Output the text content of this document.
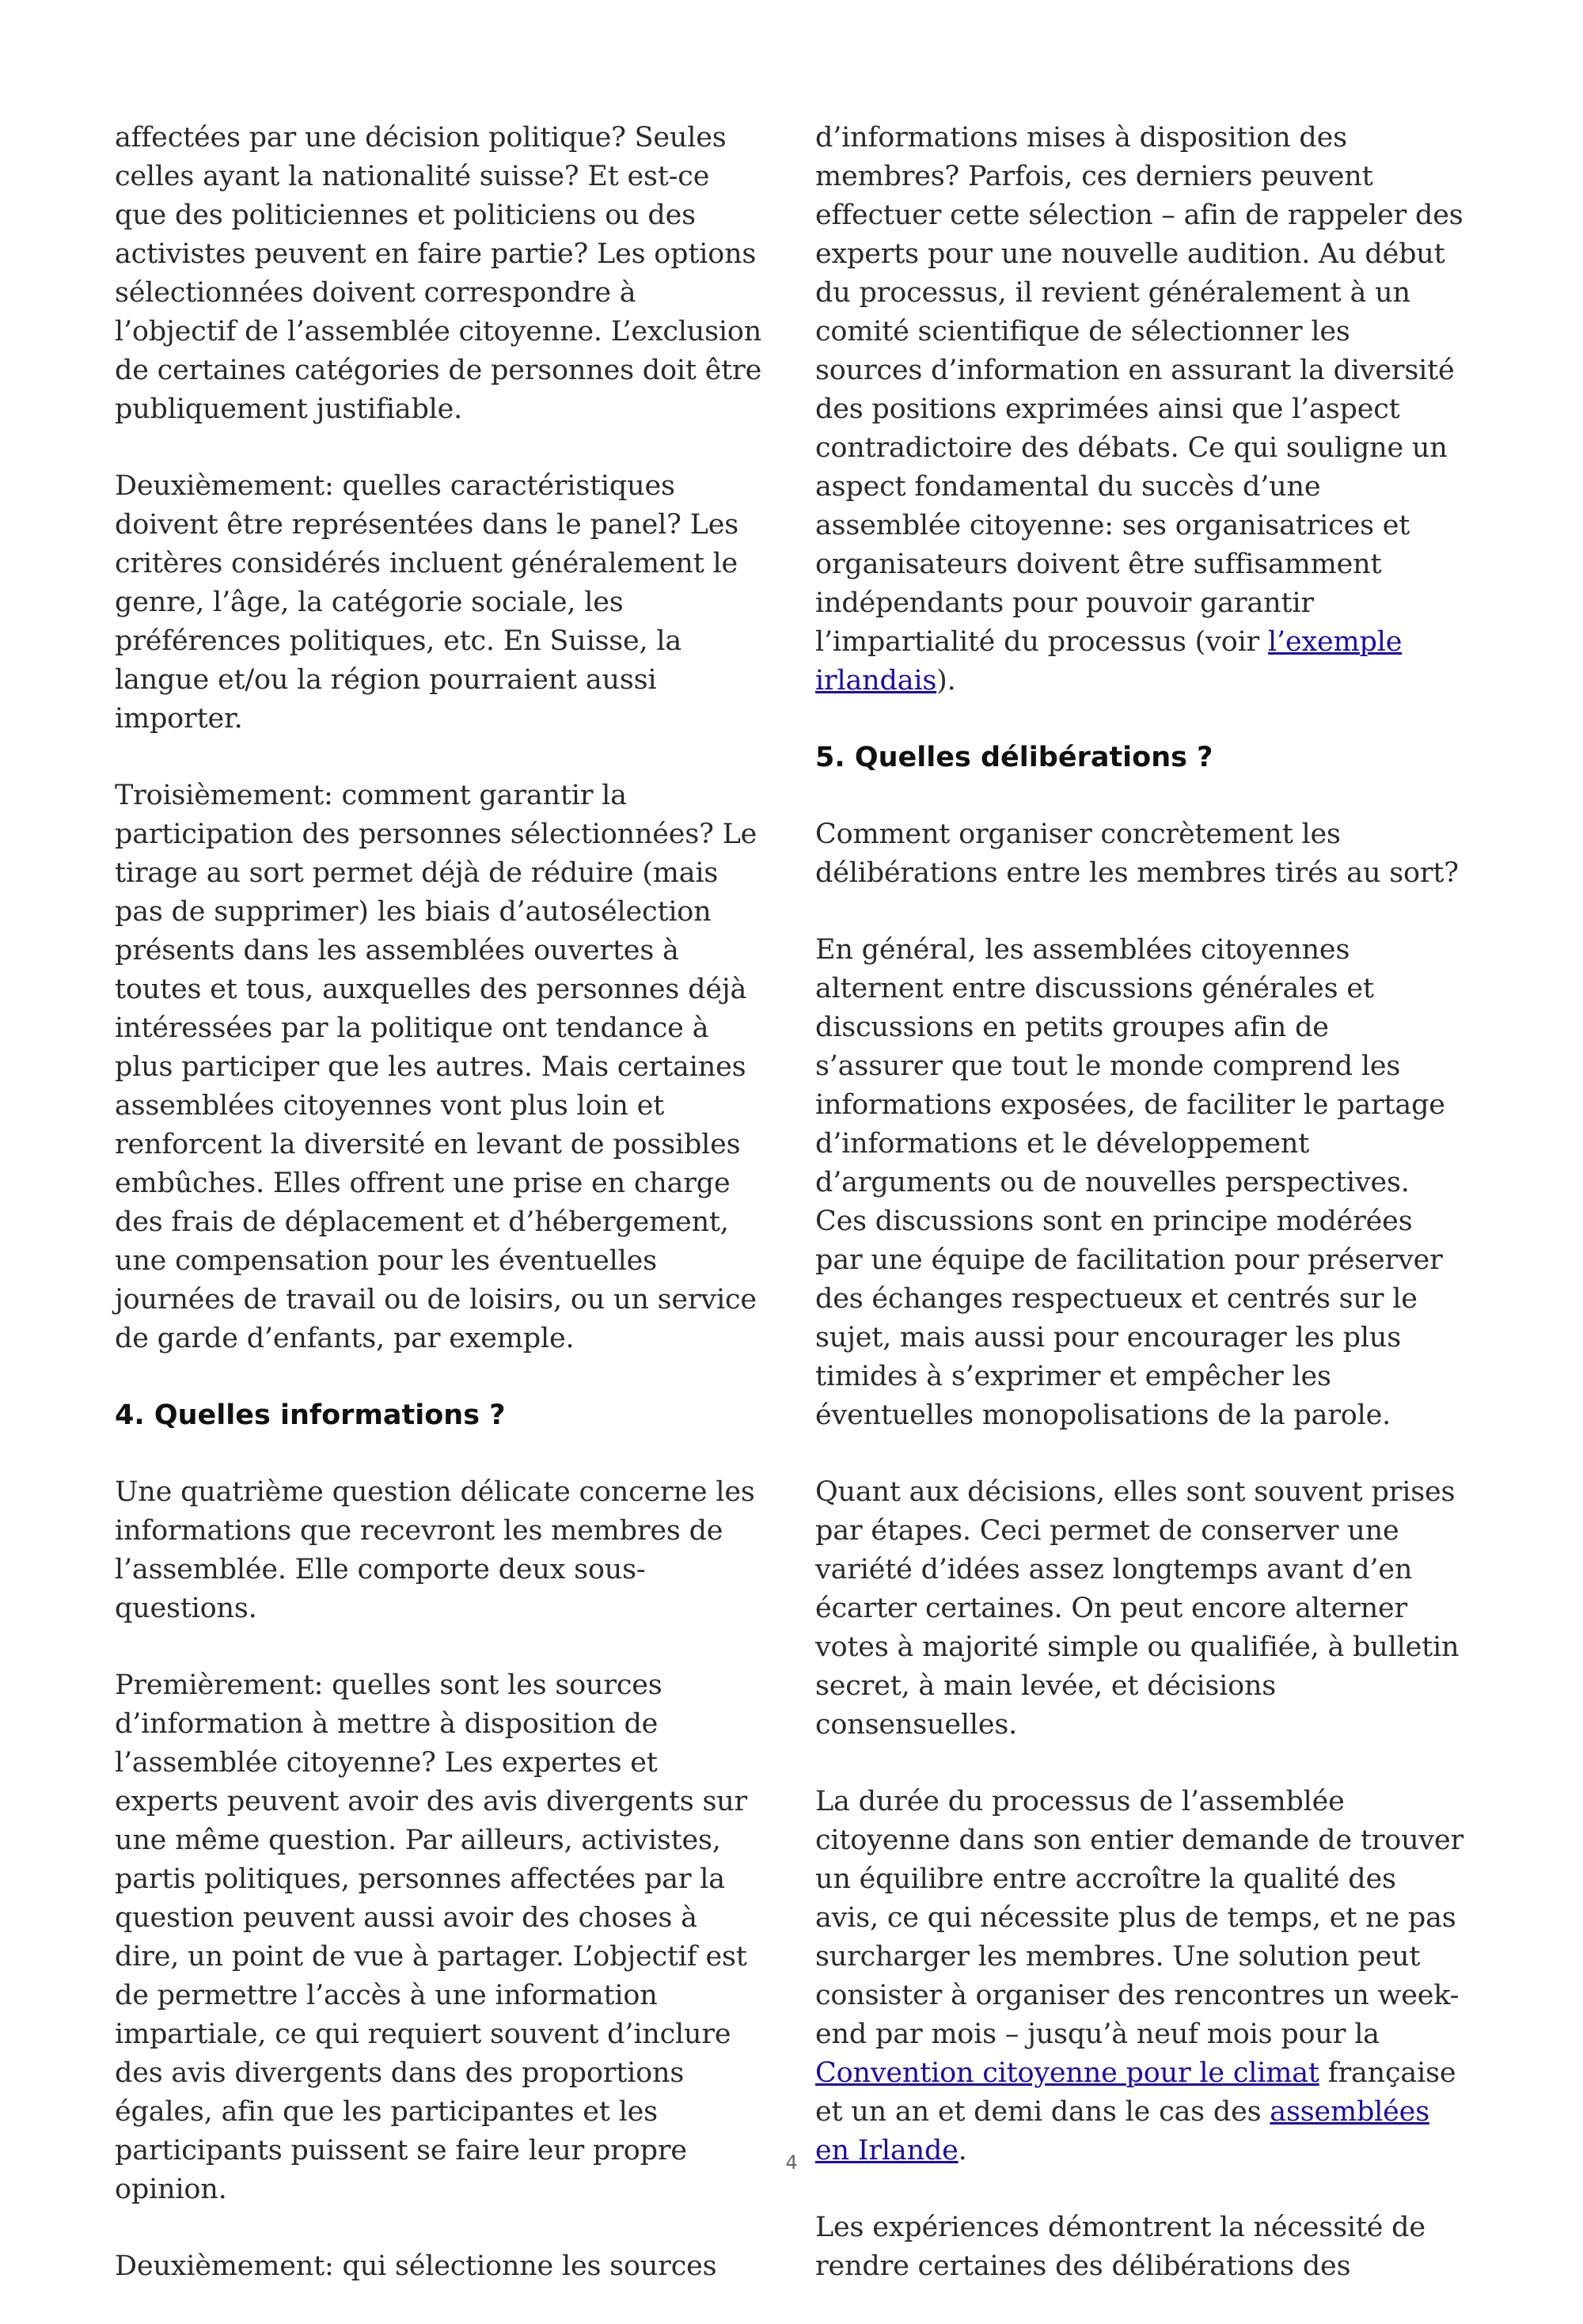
affectées par une décision politique? Seules celles ayant la nationalité suisse? Et est-ce que des politiciennes et politiciens ou des activistes peuvent en faire partie? Les options sélectionnées doivent correspondre à l’objectif de l’assemblée citoyenne. L’exclusion de certaines catégories de personnes doit être publiquement justifiable.

Deuxièmement: quelles caractéristiques doivent être représentées dans le panel? Les critères considérés incluent généralement le genre, l’âge, la catégorie sociale, les préférences politiques, etc. En Suisse, la langue et/ou la région pourraient aussi importer.

Troisièmement: comment garantir la participation des personnes sélectionnées? Le tirage au sort permet déjà de réduire (mais pas de supprimer) les biais d’autosélection présents dans les assemblées ouvertes à toutes et tous, auxquelles des personnes déjà intéressées par la politique ont tendance à plus participer que les autres. Mais certaines assemblées citoyennes vont plus loin et renforcent la diversité en levant de possibles embûches. Elles offrent une prise en charge des frais de déplacement et d’hébergement, une compensation pour les éventuelles journées de travail ou de loisirs, ou un service de garde d’enfants, par exemple.

4. Quelles informations ?

Une quatrième question délicate concerne les informations que recevront les membres de l’assemblée. Elle comporte deux sous-questions.

Premièrement: quelles sont les sources d’information à mettre à disposition de l’assemblée citoyenne? Les expertes et experts peuvent avoir des avis divergents sur une même question. Par ailleurs, activistes, partis politiques, personnes affectées par la question peuvent aussi avoir des choses à dire, un point de vue à partager. L’objectif est de permettre l’accès à une information impartiale, ce qui requiert souvent d’inclure des avis divergents dans des proportions égales, afin que les participantes et les participants puissent se faire leur propre opinion.

Deuxièmement: qui sélectionne les sources

d’informations mises à disposition des membres? Parfois, ces derniers peuvent effectuer cette sélection – afin de rappeler des experts pour une nouvelle audition. Au début du processus, il revient généralement à un comité scientifique de sélectionner les sources d’information en assurant la diversité des positions exprimées ainsi que l’aspect contradictoire des débats. Ce qui souligne un aspect fondamental du succès d’une assemblée citoyenne: ses organisatrices et organisateurs doivent être suffisamment indépendants pour pouvoir garantir l’impartialité du processus (voir l’exemple irlandais).

5. Quelles délibérations ?

Comment organiser concrètement les délibérations entre les membres tirés au sort?

En général, les assemblées citoyennes alternent entre discussions générales et discussions en petits groupes afin de s’assurer que tout le monde comprend les informations exposées, de faciliter le partage d’informations et le développement d’arguments ou de nouvelles perspectives. Ces discussions sont en principe modérées par une équipe de facilitation pour préserver des échanges respectueux et centrés sur le sujet, mais aussi pour encourager les plus timides à s’exprimer et empêcher les éventuelles monopolisations de la parole.

Quant aux décisions, elles sont souvent prises par étapes. Ceci permet de conserver une variété d’idées assez longtemps avant d’en écarter certaines. On peut encore alterner votes à majorité simple ou qualifiée, à bulletin secret, à main levée, et décisions consensuelles.

La durée du processus de l’assemblée citoyenne dans son entier demande de trouver un équilibre entre accroître la qualité des avis, ce qui nécessite plus de temps, et ne pas surcharger les membres. Une solution peut consister à organiser des rencontres un week-end par mois – jusqu’à neuf mois pour la Convention citoyenne pour le climat française et un an et demi dans le cas des assemblées en Irlande.

Les expériences démontrent la nécessité de rendre certaines des délibérations des

4
